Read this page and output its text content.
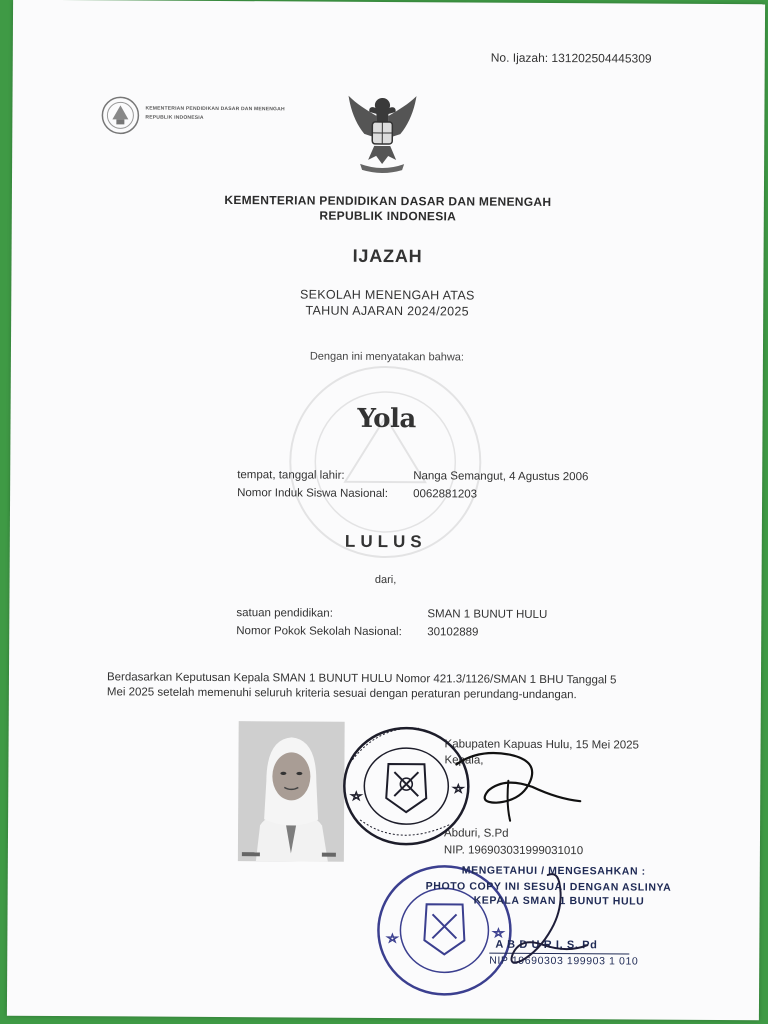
No. Ijazah: 131202504445309
KEMENTERIAN PENDIDIKAN DASAR DAN MENENGAH
REPUBLIK INDONESIA
KEMENTERIAN PENDIDIKAN DASAR DAN MENENGAH
REPUBLIK INDONESIA
IJAZAH
SEKOLAH MENENGAH ATAS
TAHUN AJARAN 2024/2025
Dengan ini menyatakan bahwa:
Yola
tempat, tanggal lahir:	Nanga Semangut, 4 Agustus 2006
Nomor Induk Siswa Nasional: 0062881203
LULUS
dari,
satuan pendidikan:	SMAN 1 BUNUT HULU
Nomor Pokok Sekolah Nasional: 30102889
Berdasarkan Keputusan Kepala SMAN 1 BUNUT HULU Nomor 421.3/1126/SMAN 1 BHU Tanggal 5
Mei 2025 setelah memenuhi seluruh kriteria sesuai dengan peraturan perundang-undangan.
Kabupaten Kapuas Hulu, 15 Mei 2025
Kepala,
Abduri, S.Pd
NIP. 196903031999031010
MENGETAHUI / MENGESAHKAN :
PHOTO COPY INI SESUAI DENGAN ASLINYA
KEPALA SMAN 1 BUNUT HULU
A B D U R I, S. Pd
NIP 19690303 199903 1 010
